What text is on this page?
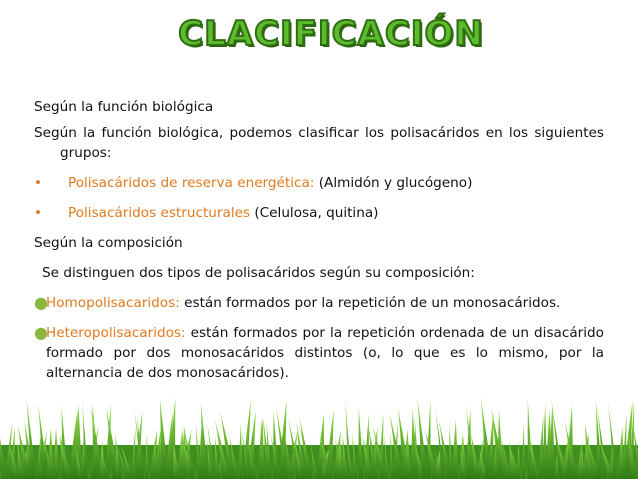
CLACIFICACIÓN

Según la función biológica

Según la función biológica, podemos clasificar los polisacáridos en los siguientes grupos:

•	Polisacáridos de reserva energética: (Almidón y glucógeno)
•	Polisacáridos estructurales (Celulosa, quitina)

Según la composición

Se distinguen dos tipos de polisacáridos según su composición:

●
Homopolisacaridos: están formados por la repetición de un monosacáridos.
●
Heteropolisacaridos: están formados por la repetición ordenada de un disacárido formado por dos monosacáridos distintos (o, lo que es lo mismo, por la alternancia de dos monosacáridos).
